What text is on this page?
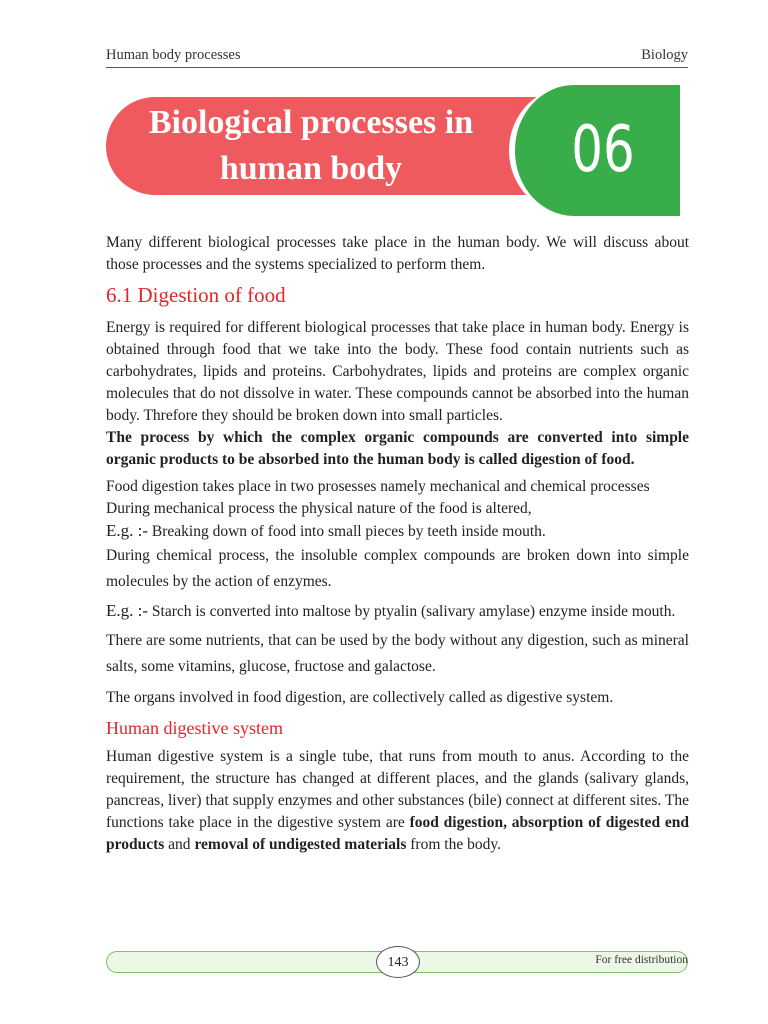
Human body processes	Biology
Biological processes in
human body	06

Many different biological processes take place in the human body. We will discuss about those processes and the systems specialized to perform them.

6.1 Digestion of food

Energy is required for different biological processes that take place in human body. Energy is obtained through food that we take into the body. These food contain nutrients such as carbohydrates, lipids and proteins. Carbohydrates, lipids and proteins are complex organic molecules that do not dissolve in water. These compounds cannot be absorbed into the human body. Threfore they should be broken down into small particles.

The process by which the complex organic compounds are converted into simple organic products to be absorbed into the human body is called digestion of food.

Food digestion takes place in two prosesses namely mechanical and chemical processes

During mechanical process the physical nature of the food is altered,

E.g. :- Breaking down of food into small pieces by teeth inside mouth.

During chemical process, the insoluble complex compounds are broken down into simple molecules by the action of enzymes.

E.g. :- Starch is converted into maltose by ptyalin (salivary amylase) enzyme inside mouth.

There are some nutrients, that can be used by the body without any digestion, such as mineral salts, some vitamins, glucose, fructose and galactose.

The organs involved in food digestion, are collectively called as digestive system.

Human digestive system

Human digestive system is a single tube, that runs from mouth to anus. According to the requirement, the structure has changed at different places, and the glands (salivary glands, pancreas, liver) that supply enzymes and other substances (bile) connect at different sites. The functions take place in the digestive system are food digestion, absorption of digested end products and removal of undigested materials from the body.

143	For free distribution
